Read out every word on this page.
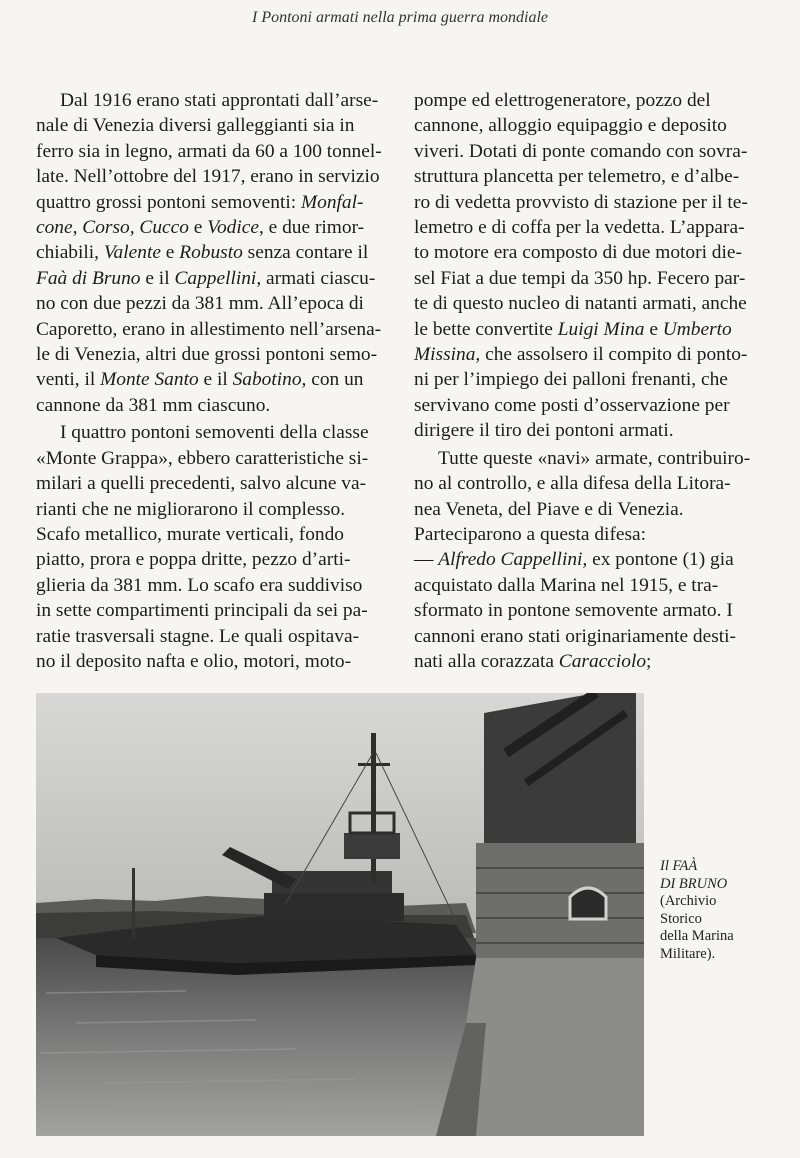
I Pontoni armati nella prima guerra mondiale

Dal 1916 erano stati approntati dall’arse-
nale di Venezia diversi galleggianti sia in
ferro sia in legno, armati da 60 a 100 tonnel-
late. Nell’ottobre del 1917, erano in servizio
quattro grossi pontoni semoventi: Monfal-
cone, Corso, Cucco e Vodice, e due rimor-
chiabili, Valente e Robusto senza contare il
Faà di Bruno e il Cappellini, armati ciascu-
no con due pezzi da 381 mm. All’epoca di
Caporetto, erano in allestimento nell’arsena-
le di Venezia, altri due grossi pontoni semo-
venti, il Monte Santo e il Sabotino, con un
cannone da 381 mm ciascuno.

I quattro pontoni semoventi della classe
«Monte Grappa», ebbero caratteristiche si-
milari a quelli precedenti, salvo alcune va-
rianti che ne migliorarono il complesso.
Scafo metallico, murate verticali, fondo
piatto, prora e poppa dritte, pezzo d’arti-
glieria da 381 mm. Lo scafo era suddiviso
in sette compartimenti principali da sei pa-
ratie trasversali stagne. Le quali ospitava-
no il deposito nafta e olio, motori, moto-

pompe ed elettrogeneratore, pozzo del
cannone, alloggio equipaggio e deposito
viveri. Dotati di ponte comando con sovra-
struttura plancetta per telemetro, e d’albe-
ro di vedetta provvisto di stazione per il te-
lemetro e di coffa per la vedetta. L’appara-
to motore era composto di due motori die-
sel Fiat a due tempi da 350 hp. Fecero par-
te di questo nucleo di natanti armati, anche
le bette convertite Luigi Mina e Umberto
Missina, che assolsero il compito di ponto-
ni per l’impiego dei palloni frenanti, che
servivano come posti d’osservazione per
dirigere il tiro dei pontoni armati.

Tutte queste «navi» armate, contribuiro-
no al controllo, e alla difesa della Litora-
nea Veneta, del Piave e di Venezia.
Parteciparono a questa difesa:

— Alfredo Cappellini, ex pontone (1) gia
acquistato dalla Marina nel 1915, e tra-
sformato in pontone semovente armato. I
cannoni erano stati originariamente desti-
nati alla corazzata Caracciolo;

Il FAÀ
DI BRUNO
(Archivio
Storico
della Marina
Militare).
